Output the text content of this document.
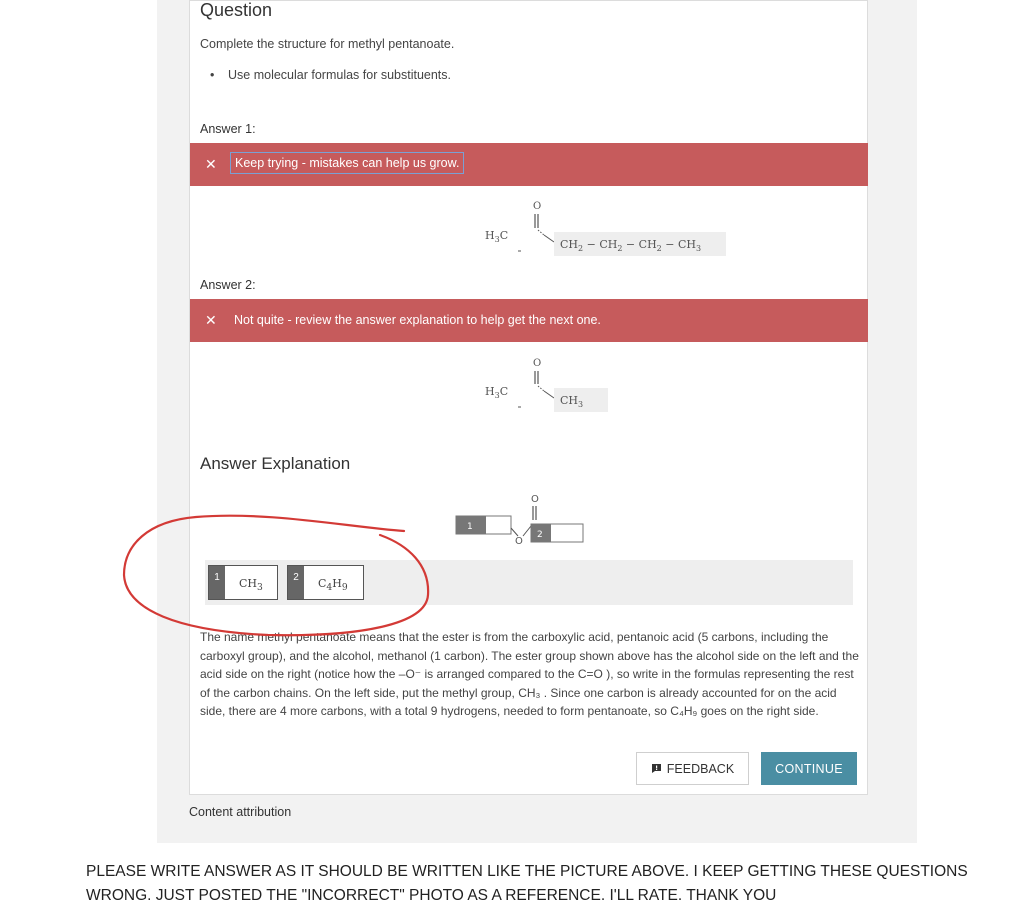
Question
Complete the structure for methyl pentanoate.
• Use molecular formulas for substituents.
Answer 1:
✕	Keep trying - mistakes can help us grow.
$H_3C$
O
$CH_2 - CH_2 - CH_2 - CH_3$
Answer 2:
✕ Not quite - review the answer explanation to help get the next one.
$H_3C$
O
$CH_3$
Answer Explanation
O
1
O
2
1	$CH_3$
2	$C_4H_9$
The name methyl pentanoate means that the ester is from the carboxylic acid, pentanoic acid (5 carbons, including the carboxyl group), and the alcohol, methanol (1 carbon). The ester group shown above has the alcohol side on the left and the acid side on the right (notice how the –O⁻ is arranged compared to the C=O ), so write in the formulas representing the rest of the carbon chains. On the left side, put the methyl group, CH₃ . Since one carbon is already accounted for on the acid side, there are 4 more carbons, with a total 9 hydrogens, needed to form pentanoate, so C₄H₉ goes on the right side.
FEEDBACK	CONTINUE
Content attribution
PLEASE WRITE ANSWER AS IT SHOULD BE WRITTEN LIKE THE PICTURE ABOVE. I KEEP GETTING THESE QUESTIONS WRONG. JUST POSTED THE "INCORRECT" PHOTO AS A REFERENCE. I'LL RATE. THANK YOU
